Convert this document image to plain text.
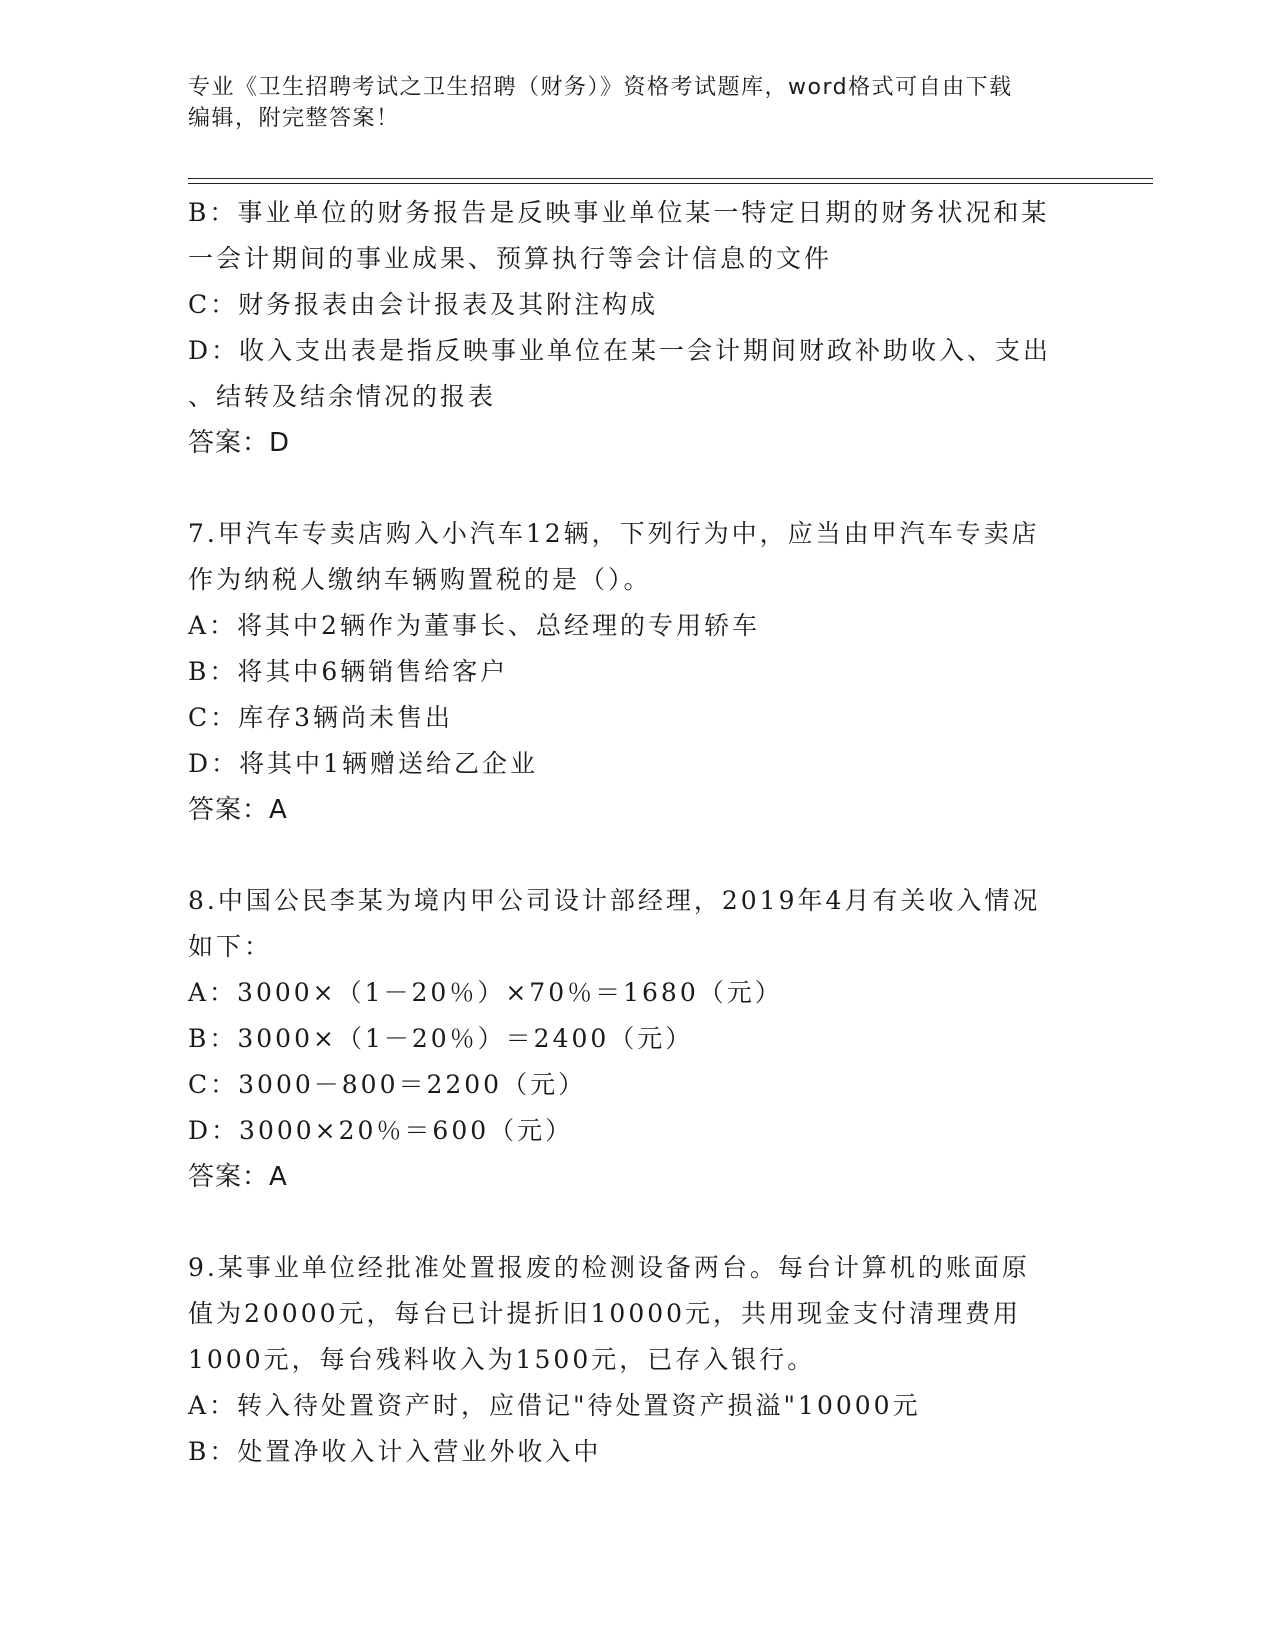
专业《卫生招聘考试之卫生招聘（财务）》资格考试题库，word格式可自由下载
编辑，附完整答案！
B：事业单位的财务报告是反映事业单位某一特定日期的财务状况和某
一会计期间的事业成果、预算执行等会计信息的文件
C：财务报表由会计报表及其附注构成
D：收入支出表是指反映事业单位在某一会计期间财政补助收入、支出
、结转及结余情况的报表
答案：D
7.甲汽车专卖店购入小汽车12辆，下列行为中，应当由甲汽车专卖店
作为纳税人缴纳车辆购置税的是（）。
A：将其中2辆作为董事长、总经理的专用轿车
B：将其中6辆销售给客户
C：库存3辆尚未售出
D：将其中1辆赠送给乙企业
答案：A
8.中国公民李某为境内甲公司设计部经理，2019年4月有关收入情况
如下：
A：3000×（1－20％）×70％＝1680（元）
B：3000×（1－20％）＝2400（元）
C：3000－800＝2200（元）
D：3000×20％＝600（元）
答案：A
9.某事业单位经批准处置报废的检测设备两台。每台计算机的账面原
值为20000元，每台已计提折旧10000元，共用现金支付清理费用
1000元，每台残料收入为1500元，已存入银行。
A：转入待处置资产时，应借记"待处置资产损溢"10000元
B：处置净收入计入营业外收入中
